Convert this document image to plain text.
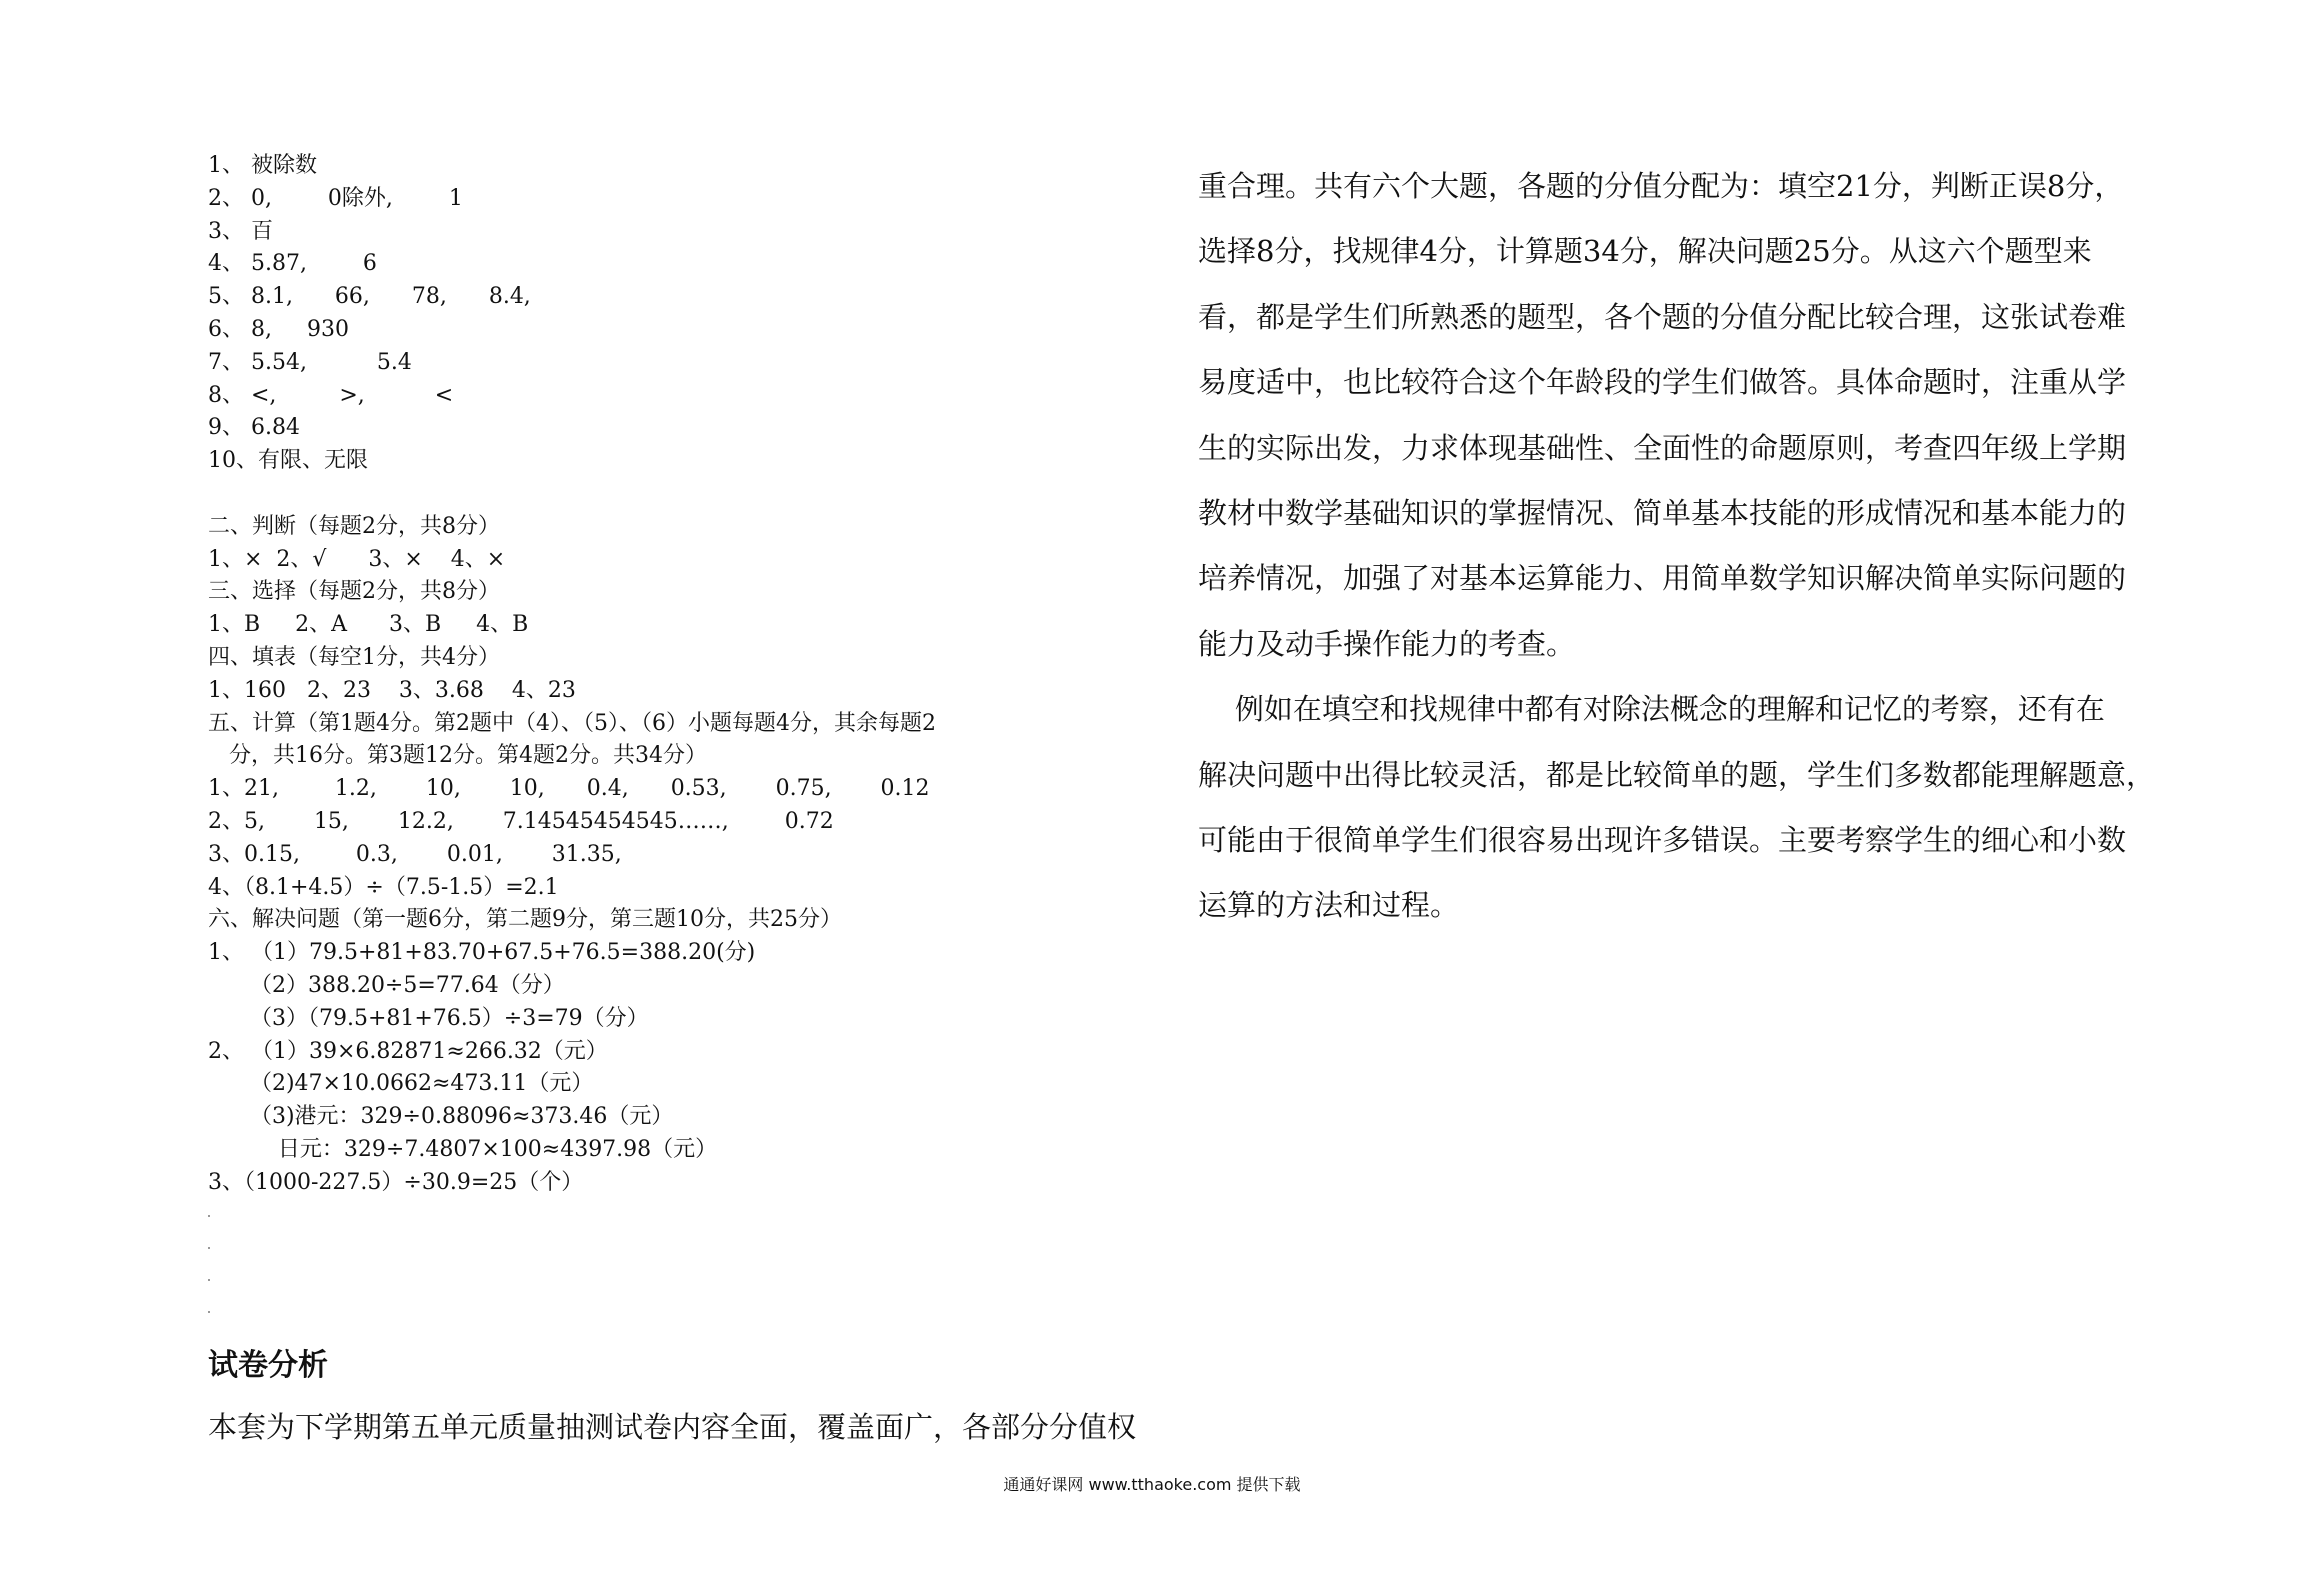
1、 被除数
2、 0,        0除外,        1
3、 百
4、 5.87,        6
5、 8.1,      66,      78,      8.4,
6、 8,     930
7、 5.54,          5.4
8、 <,         >,          <
9、 6.84
10、有限、无限
二、判断（每题2分，共8分）
1、×  2、√      3、×    4、×
三、选择（每题2分，共8分）
1、B     2、A      3、B     4、B
四、填表（每空1分，共4分）
1、160   2、23    3、3.68    4、23
五、计算（第1题4分。第2题中（4）、（5）、（6）小题每题4分，其余每题2
分，共16分。第3题12分。第4题2分。共34分）
1、21,        1.2,       10,       10,      0.4,      0.53,       0.75,       0.12
2、5,       15,       12.2,       7.14545454545……,        0.72
3、0.15,        0.3,       0.01,       31.35,
4、（8.1+4.5）÷（7.5-1.5）=2.1
六、解决问题（第一题6分，第二题9分，第三题10分，共25分）
1、 （1）79.5+81+83.70+67.5+76.5=388.20(分)
（2）388.20÷5=77.64（分）
（3）（79.5+81+76.5）÷3=79（分）
2、 （1）39×6.82871≈266.32（元）
（2)47×10.0662≈473.11（元）
（3)港元：329÷0.88096≈373.46（元）
日元：329÷7.4807×100≈4397.98（元）
3、（1000-227.5）÷30.9=25（个）
试卷分析
本套为下学期第五单元质量抽测试卷内容全面，覆盖面广，各部分分值权
重合理。共有六个大题，各题的分值分配为：填空21分，判断正误8分，
选择8分，找规律4分，计算题34分，解决问题25分。从这六个题型来
看，都是学生们所熟悉的题型，各个题的分值分配比较合理，这张试卷难
易度适中，也比较符合这个年龄段的学生们做答。具体命题时，注重从学
生的实际出发，力求体现基础性、全面性的命题原则，考查四年级上学期
教材中数学基础知识的掌握情况、简单基本技能的形成情况和基本能力的
培养情况，加强了对基本运算能力、用简单数学知识解决简单实际问题的
能力及动手操作能力的考查。
例如在填空和找规律中都有对除法概念的理解和记忆的考察，还有在
解决问题中出得比较灵活，都是比较简单的题，学生们多数都能理解题意，
可能由于很简单学生们很容易出现许多错误。主要考察学生的细心和小数
运算的方法和过程。
通通好课网 www.tthaoke.com 提供下载
